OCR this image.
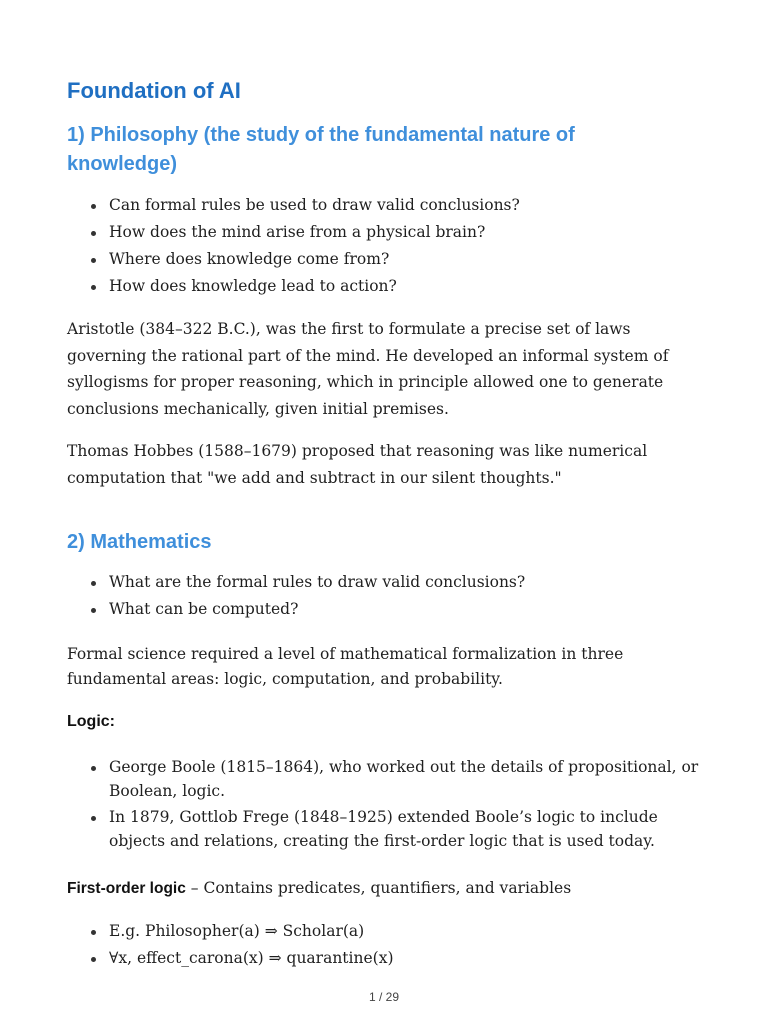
Foundation of AI
1) Philosophy (the study of the fundamental nature of knowledge)
Can formal rules be used to draw valid conclusions?
How does the mind arise from a physical brain?
Where does knowledge come from?
How does knowledge lead to action?

Aristotle (384–322 B.C.), was the first to formulate a precise set of laws governing the rational part of the mind. He developed an informal system of syllogisms for proper reasoning, which in principle allowed one to generate conclusions mechanically, given initial premises.

Thomas Hobbes (1588–1679) proposed that reasoning was like numerical computation that "we add and subtract in our silent thoughts."

2) Mathematics
What are the formal rules to draw valid conclusions?
What can be computed?

Formal science required a level of mathematical formalization in three fundamental areas: logic, computation, and probability.

Logic:
George Boole (1815–1864), who worked out the details of propositional, or Boolean, logic.
In 1879, Gottlob Frege (1848–1925) extended Boole’s logic to include objects and relations, creating the first-order logic that is used today.

First-order logic – Contains predicates, quantifiers, and variables

E.g. Philosopher(a) ⇒ Scholar(a)
∀x, effect_carona(x) ⇒ quarantine(x)
1 / 29
